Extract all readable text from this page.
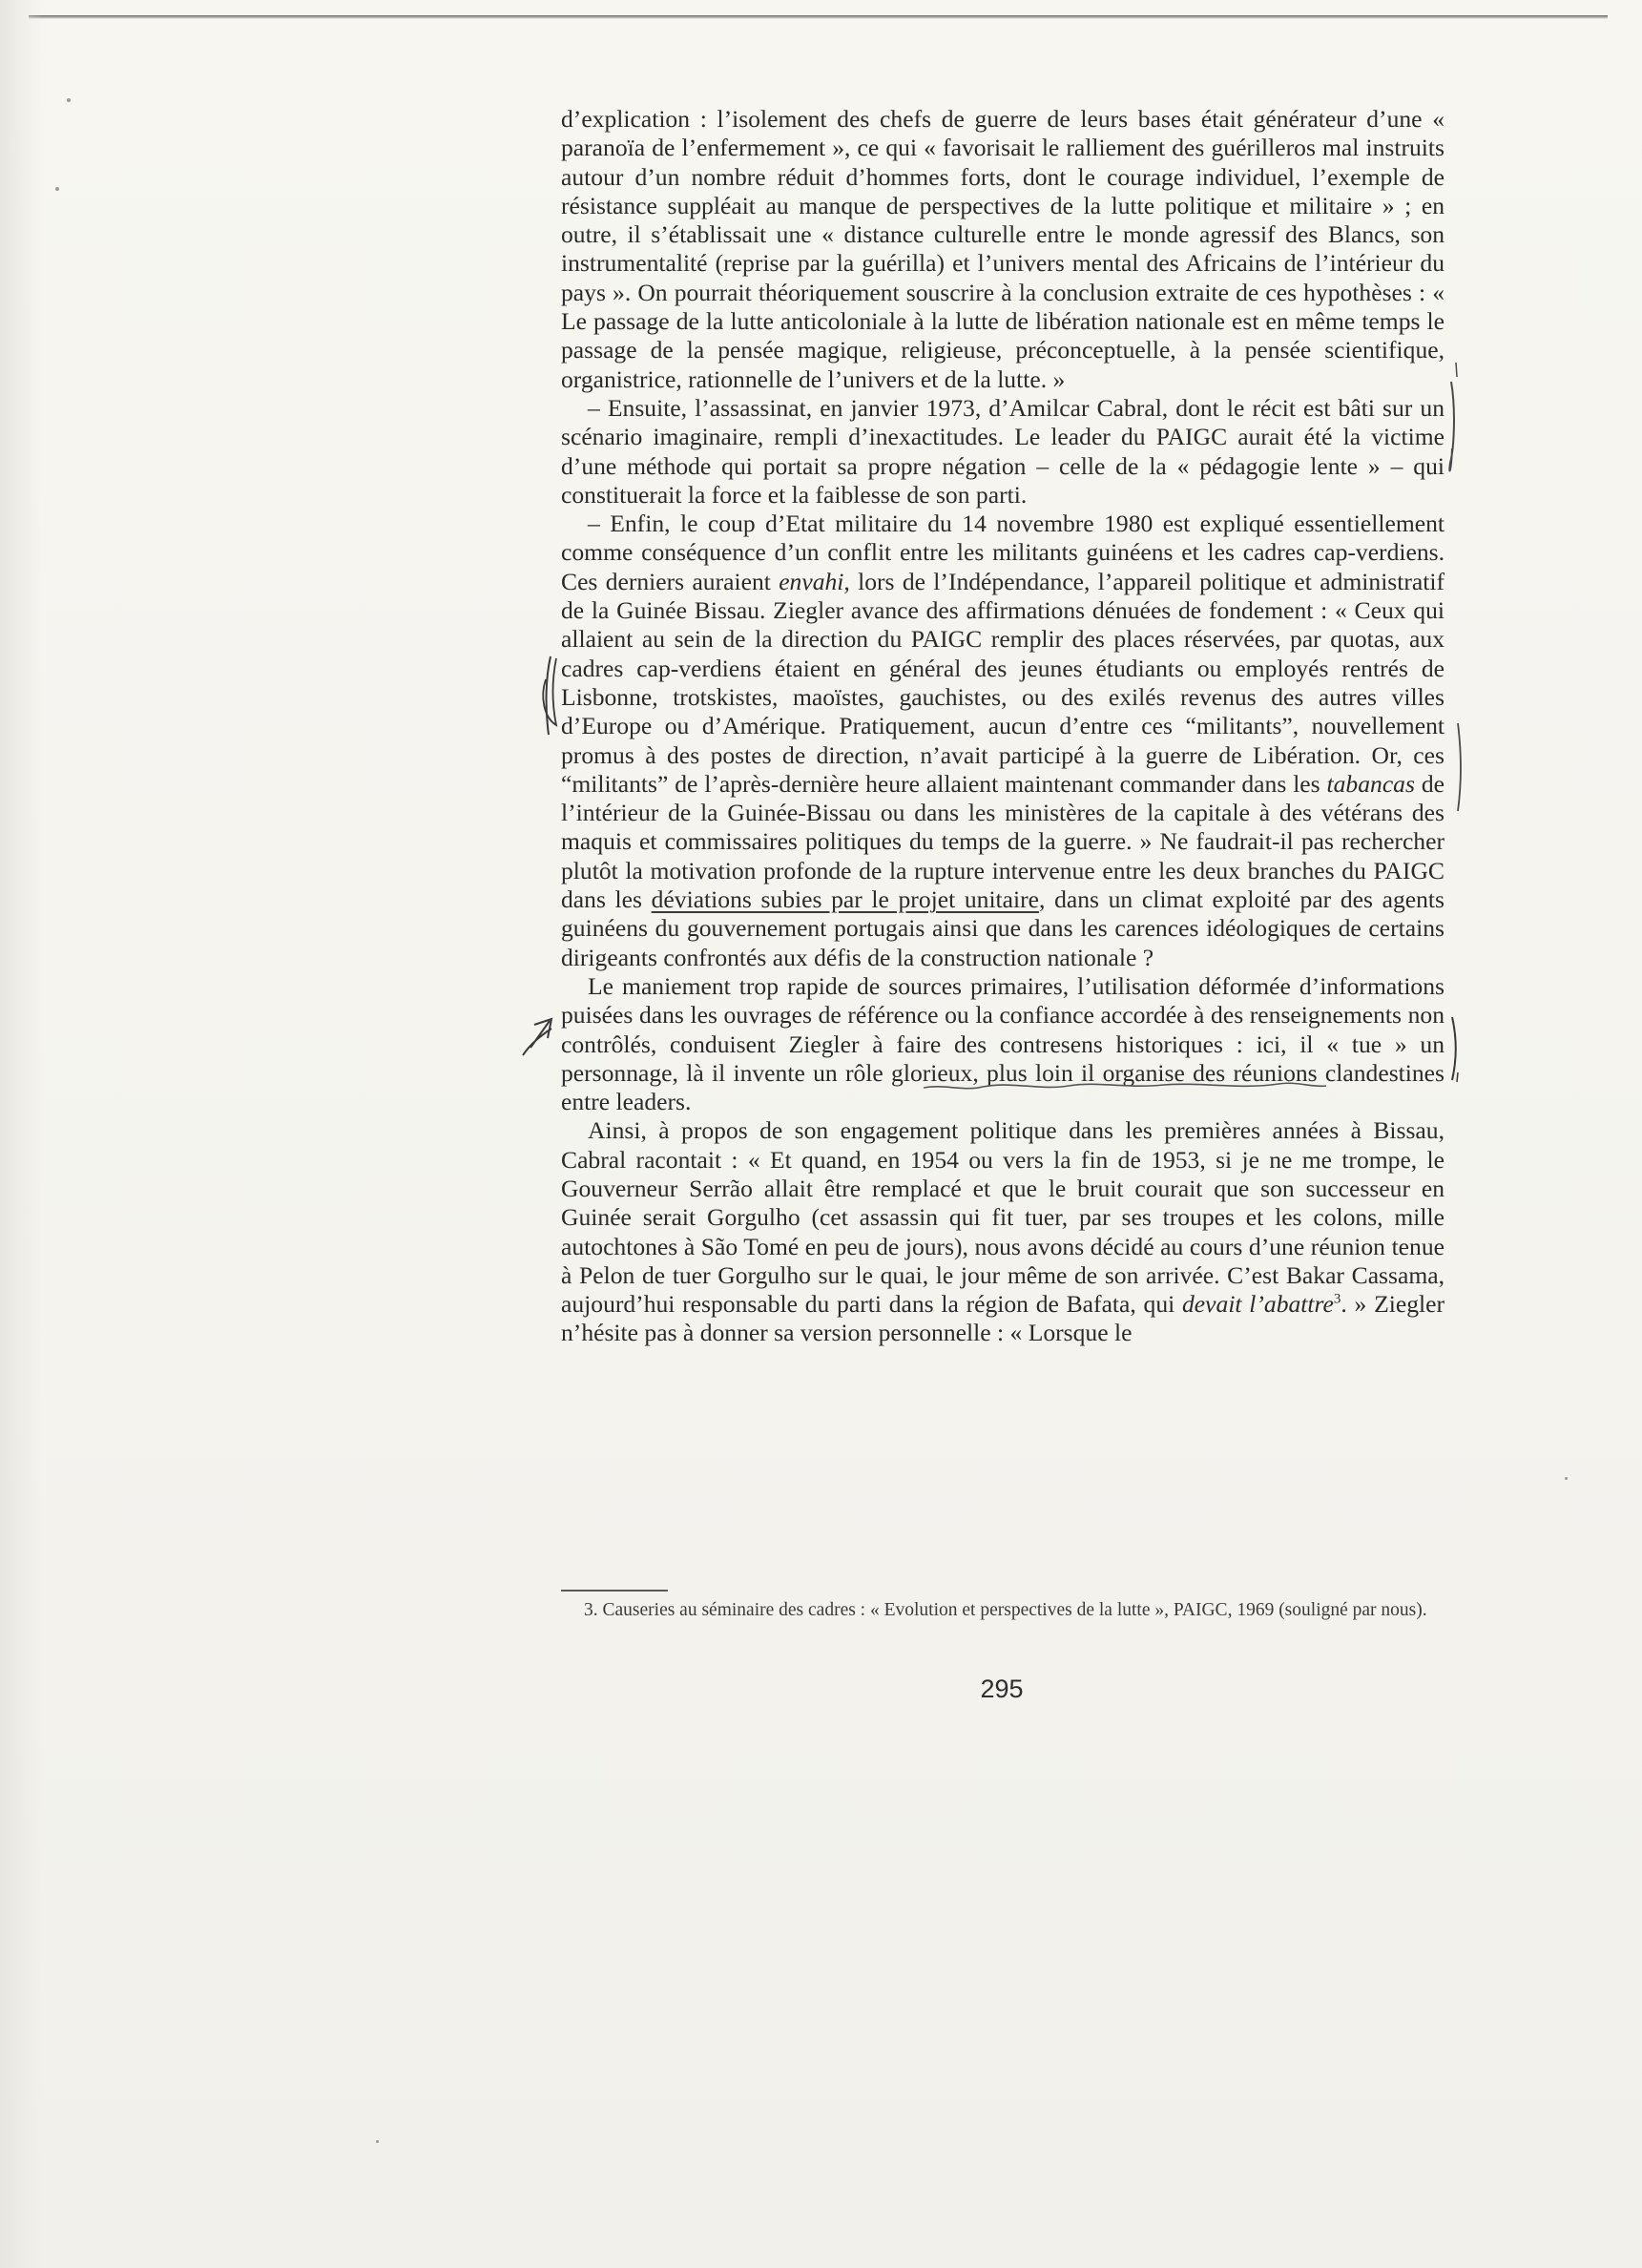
d’explication : l’isolement des chefs de guerre de leurs bases était générateur d’une « paranoïa de l’enfermement », ce qui « favorisait le ralliement des guérilleros mal instruits autour d’un nombre réduit d’hommes forts, dont le courage individuel, l’exemple de résistance suppléait au manque de perspectives de la lutte politique et militaire » ; en outre, il s’établissait une « distance culturelle entre le monde agressif des Blancs, son instrumentalité (reprise par la guérilla) et l’univers mental des Africains de l’intérieur du pays ». On pourrait théoriquement souscrire à la conclusion extraite de ces hypothèses : « Le passage de la lutte anticoloniale à la lutte de libération nationale est en même temps le passage de la pensée magique, religieuse, préconceptuelle, à la pensée scientifique, organistrice, rationnelle de l’univers et de la lutte. »

– Ensuite, l’assassinat, en janvier 1973, d’Amilcar Cabral, dont le récit est bâti sur un scénario imaginaire, rempli d’inexactitudes. Le leader du PAIGC aurait été la victime d’une méthode qui portait sa propre négation – celle de la « pédagogie lente » – qui constituerait la force et la faiblesse de son parti.

– Enfin, le coup d’Etat militaire du 14 novembre 1980 est expliqué essentiellement comme conséquence d’un conflit entre les militants guinéens et les cadres cap-verdiens. Ces derniers auraient envahi, lors de l’Indépendance, l’appareil politique et administratif de la Guinée Bissau. Ziegler avance des affirmations dénuées de fondement : « Ceux qui allaient au sein de la direction du PAIGC remplir des places réservées, par quotas, aux cadres cap-verdiens étaient en général des jeunes étudiants ou employés rentrés de Lisbonne, trotskistes, maoïstes, gauchistes, ou des exilés revenus des autres villes d’Europe ou d’Amérique. Pratiquement, aucun d’entre ces “militants”, nouvellement promus à des postes de direction, n’avait participé à la guerre de Libération. Or, ces “militants” de l’après-dernière heure allaient maintenant commander dans les tabancas de l’intérieur de la Guinée-Bissau ou dans les ministères de la capitale à des vétérans des maquis et commissaires politiques du temps de la guerre. » Ne faudrait-il pas rechercher plutôt la motivation profonde de la rupture intervenue entre les deux branches du PAIGC dans les déviations subies par le projet unitaire, dans un climat exploité par des agents guinéens du gouvernement portugais ainsi que dans les carences idéologiques de certains dirigeants confrontés aux défis de la construction nationale ?

Le maniement trop rapide de sources primaires, l’utilisation déformée d’informations puisées dans les ouvrages de référence ou la confiance accordée à des renseignements non contrôlés, conduisent Ziegler à faire des contresens historiques : ici, il « tue » un personnage, là il invente un rôle glorieux, plus loin il organise des réunions clandestines entre leaders.

Ainsi, à propos de son engagement politique dans les premières années à Bissau, Cabral racontait : « Et quand, en 1954 ou vers la fin de 1953, si je ne me trompe, le Gouverneur Serrão allait être remplacé et que le bruit courait que son successeur en Guinée serait Gorgulho (cet assassin qui fit tuer, par ses troupes et les colons, mille autochtones à São Tomé en peu de jours), nous avons décidé au cours d’une réunion tenue à Pelon de tuer Gorgulho sur le quai, le jour même de son arrivée. C’est Bakar Cassama, aujourd’hui responsable du parti dans la région de Bafata, qui devait l’abattre$^3$. » Ziegler n’hésite pas à donner sa version personnelle : « Lorsque le

3. Causeries au séminaire des cadres : « Evolution et perspectives de la lutte », PAIGC, 1969 (souligné par nous).

295
